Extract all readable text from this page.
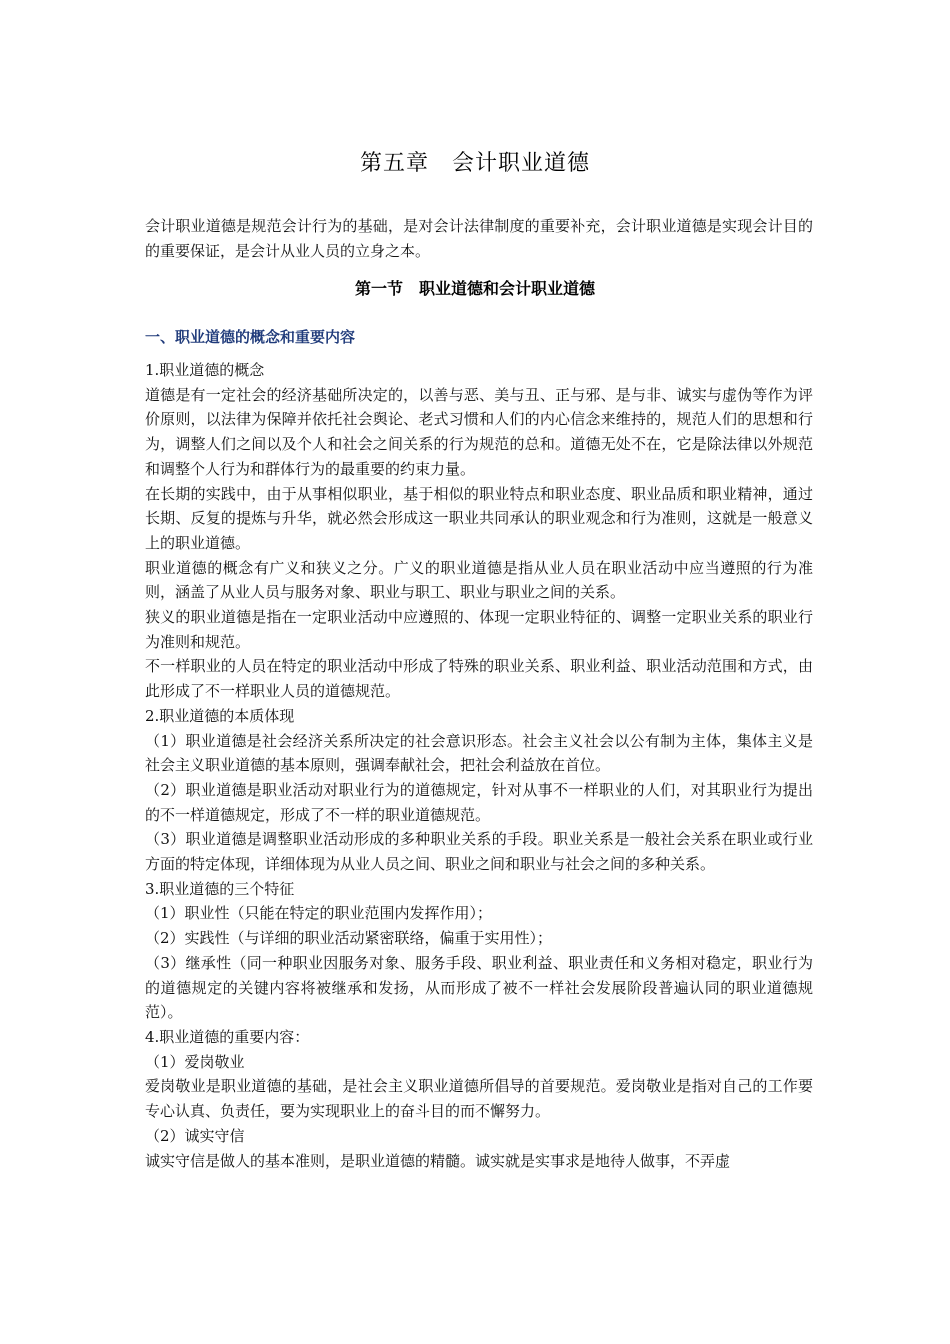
第五章　会计职业道德
会计职业道德是规范会计行为的基础，是对会计法律制度的重要补充，会计职业道德是实现会计目的的重要保证，是会计从业人员的立身之本。
第一节　职业道德和会计职业道德
一、职业道德的概念和重要内容

1.职业道德的概念

道德是有一定社会的经济基础所决定的，以善与恶、美与丑、正与邪、是与非、诚实与虚伪等作为评价原则，以法律为保障并依托社会舆论、老式习惯和人们的内心信念来维持的，规范人们的思想和行为，调整人们之间以及个人和社会之间关系的行为规范的总和。道德无处不在，它是除法律以外规范和调整个人行为和群体行为的最重要的约束力量。

在长期的实践中，由于从事相似职业，基于相似的职业特点和职业态度、职业品质和职业精神，通过长期、反复的提炼与升华，就必然会形成这一职业共同承认的职业观念和行为准则，这就是一般意义上的职业道德。

职业道德的概念有广义和狭义之分。广义的职业道德是指从业人员在职业活动中应当遵照的行为准则，涵盖了从业人员与服务对象、职业与职工、职业与职业之间的关系。

狭义的职业道德是指在一定职业活动中应遵照的、体现一定职业特征的、调整一定职业关系的职业行为准则和规范。

不一样职业的人员在特定的职业活动中形成了特殊的职业关系、职业利益、职业活动范围和方式，由此形成了不一样职业人员的道德规范。

2.职业道德的本质体现

（1）职业道德是社会经济关系所决定的社会意识形态。社会主义社会以公有制为主体，集体主义是社会主义职业道德的基本原则，强调奉献社会，把社会利益放在首位。

（2）职业道德是职业活动对职业行为的道德规定，针对从事不一样职业的人们，对其职业行为提出的不一样道德规定，形成了不一样的职业道德规范。

（3）职业道德是调整职业活动形成的多种职业关系的手段。职业关系是一般社会关系在职业或行业方面的特定体现，详细体现为从业人员之间、职业之间和职业与社会之间的多种关系。

3.职业道德的三个特征

（1）职业性（只能在特定的职业范围内发挥作用）；

（2）实践性（与详细的职业活动紧密联络，偏重于实用性）；

（3）继承性（同一种职业因服务对象、服务手段、职业利益、职业责任和义务相对稳定，职业行为的道德规定的关键内容将被继承和发扬，从而形成了被不一样社会发展阶段普遍认同的职业道德规范）。

4.职业道德的重要内容：

（1）爱岗敬业

爱岗敬业是职业道德的基础，是社会主义职业道德所倡导的首要规范。爱岗敬业是指对自己的工作要专心认真、负责任，要为实现职业上的奋斗目的而不懈努力。

（2）诚实守信

诚实守信是做人的基本准则，是职业道德的精髓。诚实就是实事求是地待人做事，不弄虚
